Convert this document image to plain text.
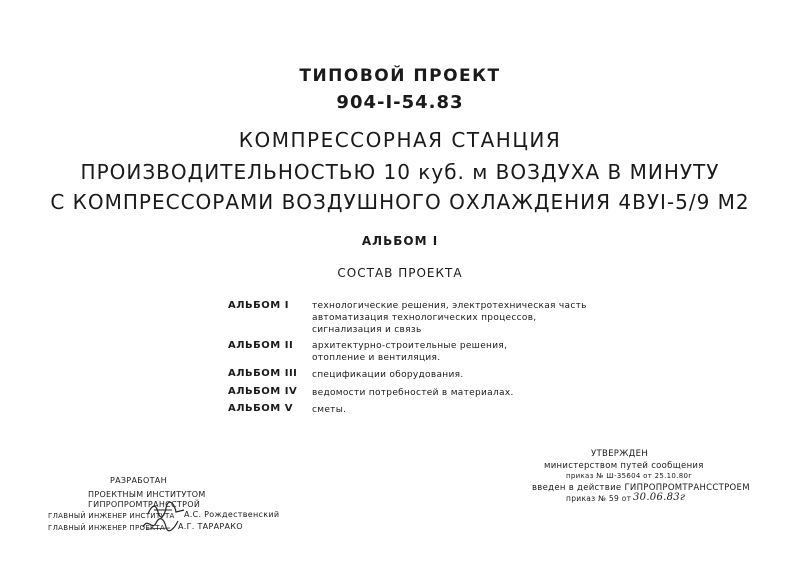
ТИПОВОЙ ПРОЕКТ
904-I-54.83
КОМПРЕССОРНАЯ СТАНЦИЯ
ПРОИЗВОДИТЕЛЬНОСТЬЮ 10 куб. м ВОЗДУХА В МИНУТУ
С КОМПРЕССОРАМИ ВОЗДУШНОГО ОХЛАЖДЕНИЯ 4ВУI-5/9 М2
АЛЬБОМ I
СОСТАВ ПРОЕКТА
АЛЬБОМ I	технологические решения, электротехническая часть
автоматизация технологических процессов,
сигнализация и связь
АЛЬБОМ II архитектурно-строительные решения,
отопление и вентиляция.
АЛЬБОМ III спецификации оборудования.
АЛЬБОМ IV ведомости потребностей в материалах.
АЛЬБОМ V сметы.
РАЗРАБОТАН
ПРОЕКТНЫМ ИНСТИТУТОМ
ГИПРОПРОМТРАНССТРОЙ
ГЛАВНЫЙ ИНЖЕНЕР ИНСТИТУТА А.С. Рождественский
ГЛАВНЫЙ ИНЖЕНЕР ПРОЕКТА А.Г. ТАРАРАКО
УТВЕРЖДЕН
министерством путей сообщения
приказ № Ш-35604 от 25.10.80г
введен в действие ГИПРОПРОМТРАНССТРОЕМ
приказ № 59 от 30.06.83г
